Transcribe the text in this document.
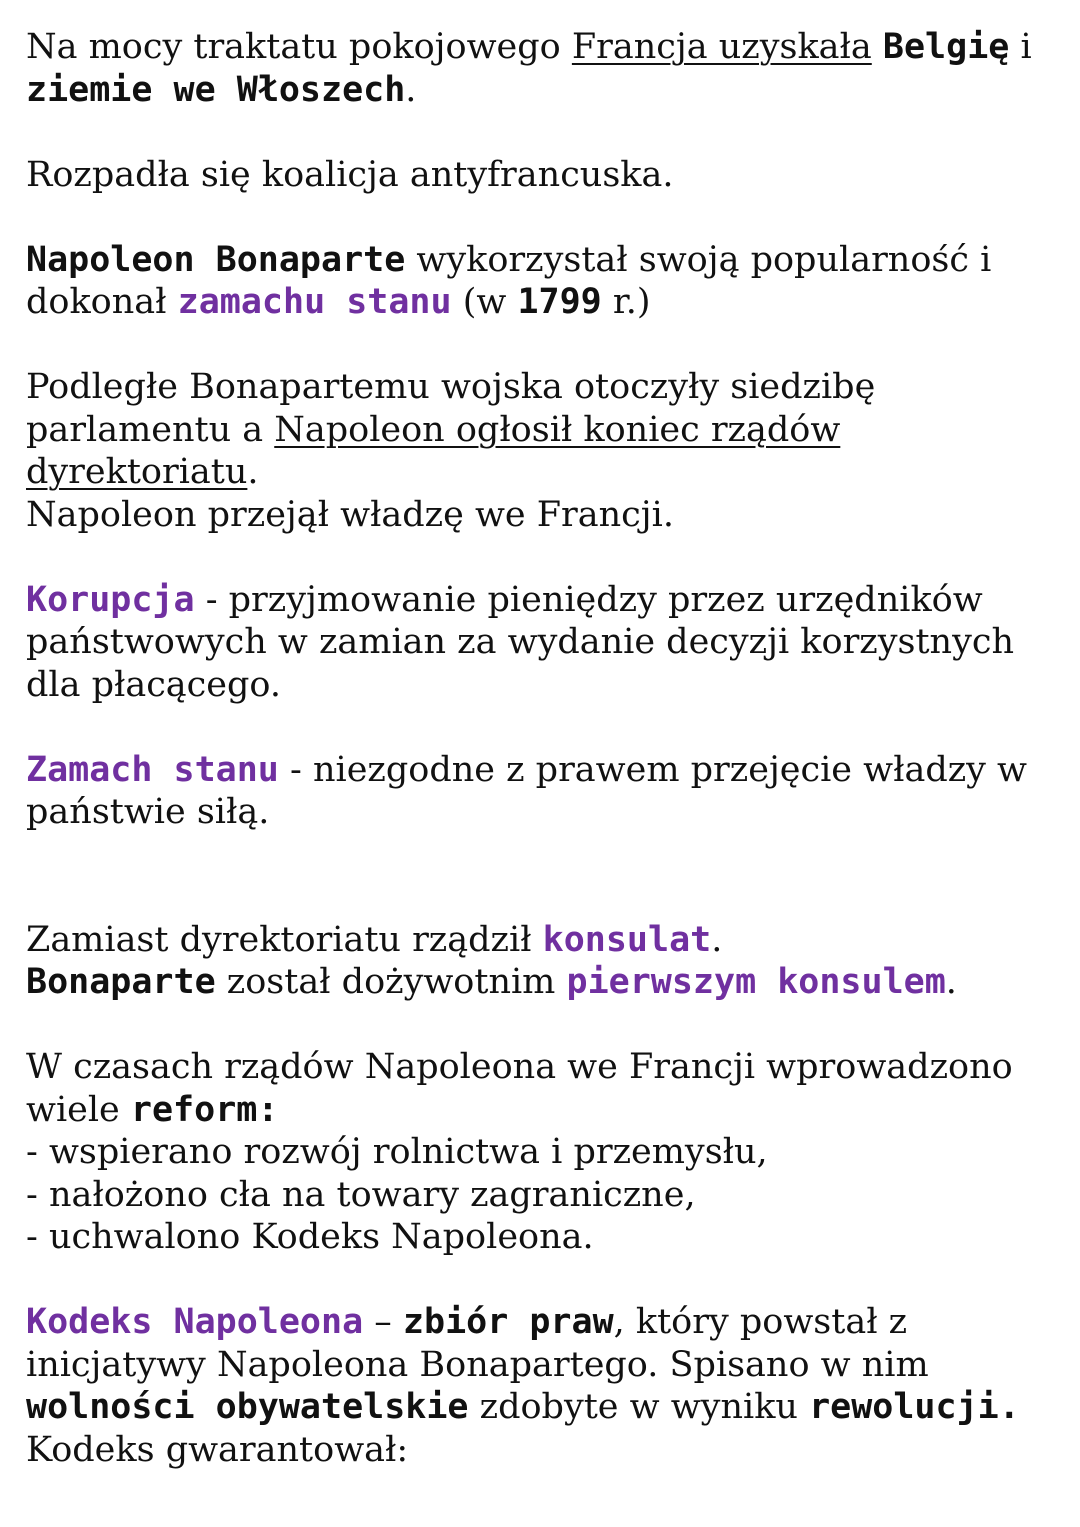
Na mocy traktatu pokojowego Francja uzyskała Belgię i
ziemie we Włoszech.

Rozpadła się koalicja antyfrancuska.

Napoleon Bonaparte wykorzystał swoją popularność i
dokonał zamachu stanu (w 1799 r.)

Podległe Bonapartemu wojska otoczyły siedzibę
parlamentu a Napoleon ogłosił koniec rządów
dyrektoriatu.
Napoleon przejął władzę we Francji.

Korupcja - przyjmowanie pieniędzy przez urzędników
państwowych w zamian za wydanie decyzji korzystnych
dla płacącego.

Zamach stanu - niezgodne z prawem przejęcie władzy w
państwie siłą.

Zamiast dyrektoriatu rządził konsulat.
Bonaparte został dożywotnim pierwszym konsulem.

W czasach rządów Napoleona we Francji wprowadzono
wiele reform:
- wspierano rozwój rolnictwa i przemysłu,
- nałożono cła na towary zagraniczne,
- uchwalono Kodeks Napoleona.

Kodeks Napoleona – zbiór praw, który powstał z
inicjatywy Napoleona Bonapartego. Spisano w nim
wolności obywatelskie zdobyte w wyniku rewolucji.
Kodeks gwarantował:
